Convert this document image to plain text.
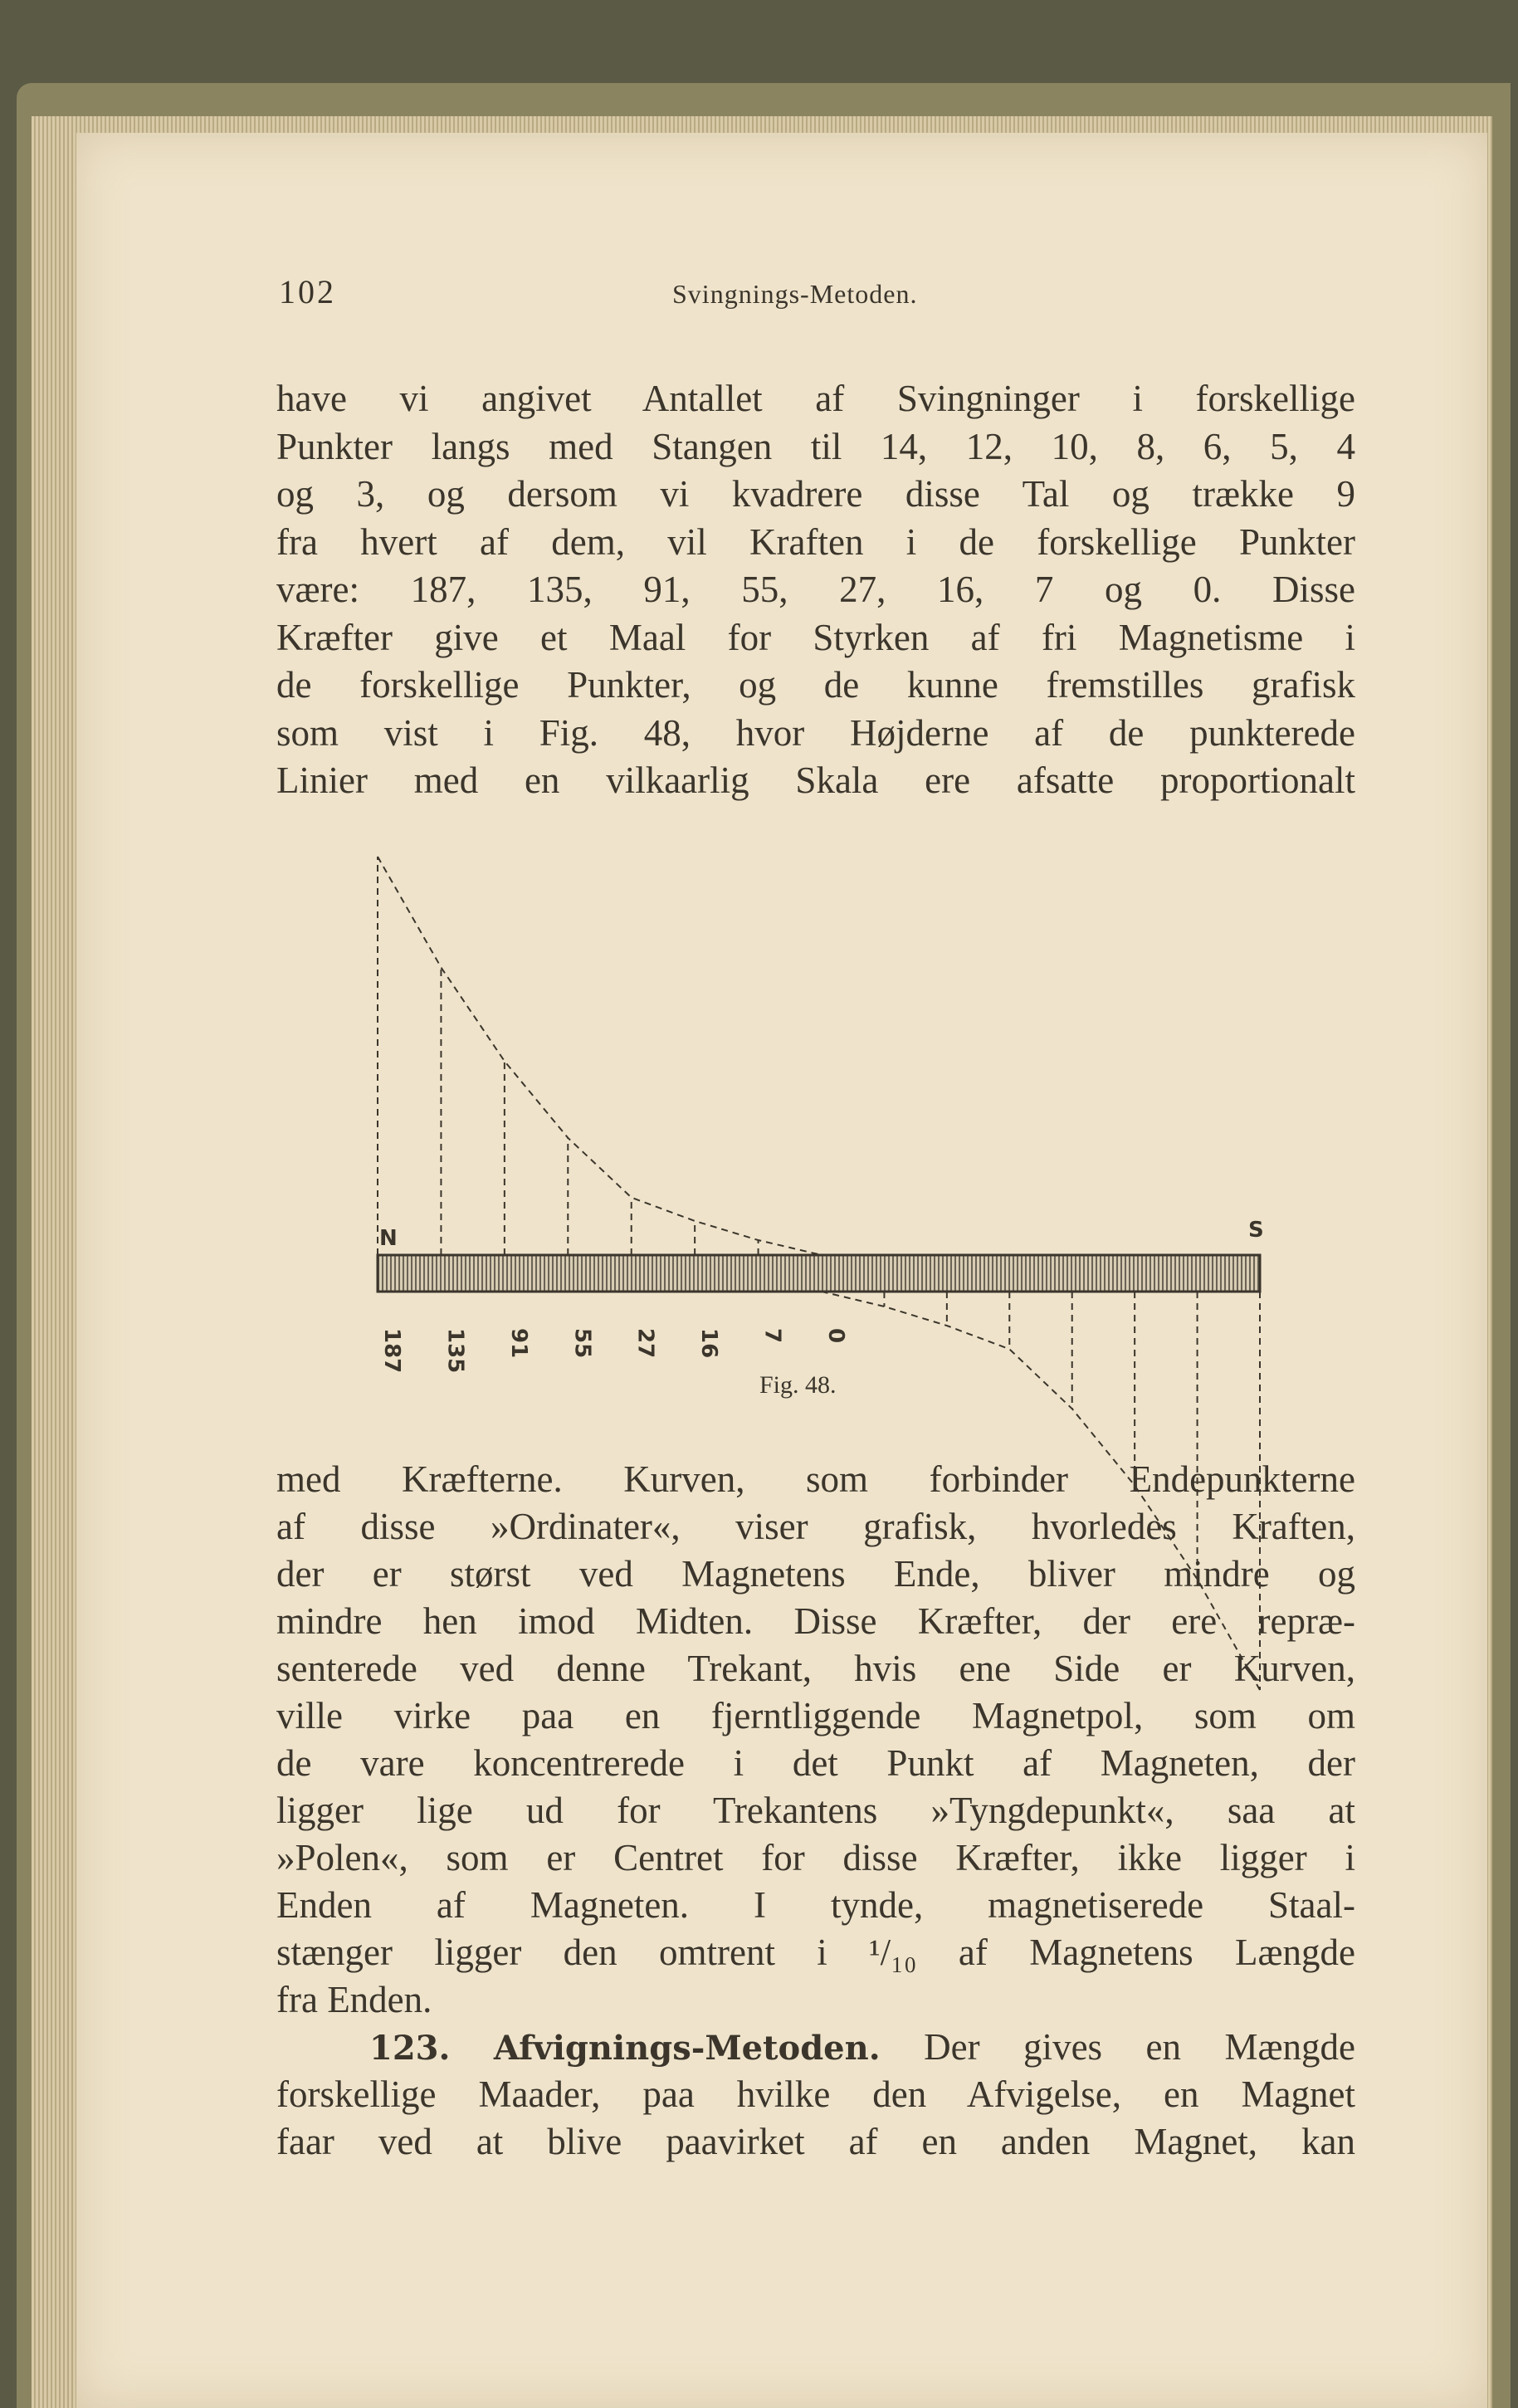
102	Svingnings-Metoden.
have vi angivet Antallet af Svingninger i forskellige
Punkter langs med Stangen til 14, 12, 10, 8, 6, 5, 4
og 3, og dersom vi kvadrere disse Tal og trække 9
fra hvert af dem, vil Kraften i de forskellige Punkter
være: 187, 135, 91, 55, 27, 16, 7 og 0. Disse
Kræfter give et Maal for Styrken af fri Magnetisme i
de forskellige Punkter, og de kunne fremstilles grafisk
som vist i Fig. 48, hvor Højderne af de punkterede
Linier med en vilkaarlig Skala ere afsatte proportionalt
187 135 91 55 27 16 7 0
N	S
Fig. 48.
med Kræfterne. Kurven, som forbinder Endepunkterne
af disse »Ordinater«, viser grafisk, hvorledes Kraften,
der er størst ved Magnetens Ende, bliver mindre og
mindre hen imod Midten. Disse Kræfter, der ere repræ-
senterede ved denne Trekant, hvis ene Side er Kurven,
ville virke paa en fjerntliggende Magnetpol, som om
de vare koncentrerede i det Punkt af Magneten, der
ligger lige ud for Trekantens »Tyngdepunkt«, saa at
»Polen«, som er Centret for disse Kræfter, ikke ligger i
Enden af Magneten. I tynde, magnetiserede Staal-
stænger ligger den omtrent i ¹/₁₀ af Magnetens Længde
fra Enden.
123. Afvignings-Metoden. Der gives en Mængde
forskellige Maader, paa hvilke den Afvigelse, en Magnet
faar ved at blive paavirket af en anden Magnet, kan
